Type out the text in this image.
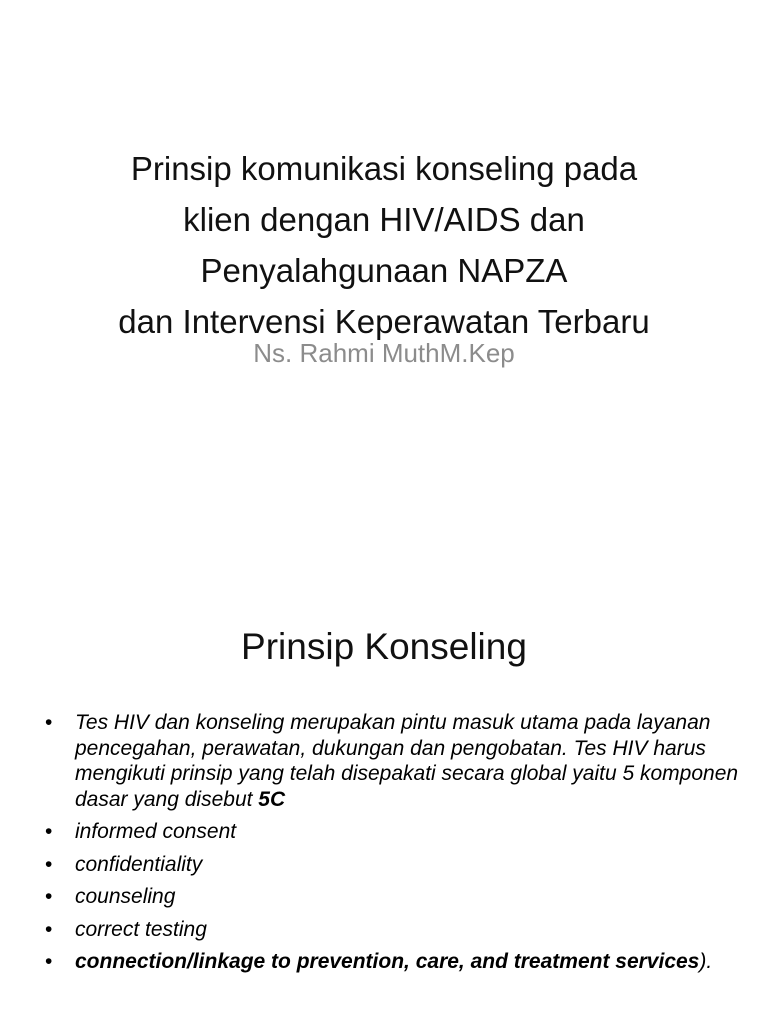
Prinsip komunikasi konseling pada
klien dengan HIV/AIDS dan
Penyalahgunaan NAPZA
dan Intervensi Keperawatan Terbaru
Ns. Rahmi MuthM.Kep
Prinsip Konseling
• Tes HIV dan konseling merupakan pintu masuk utama pada layanan pencegahan, perawatan, dukungan dan pengobatan. Tes HIV harus mengikuti prinsip yang telah disepakati secara global yaitu 5 komponen dasar yang disebut 5C
• informed consent
• confidentiality
• counseling
• correct testing
• connection/linkage to prevention, care, and treatment services).
